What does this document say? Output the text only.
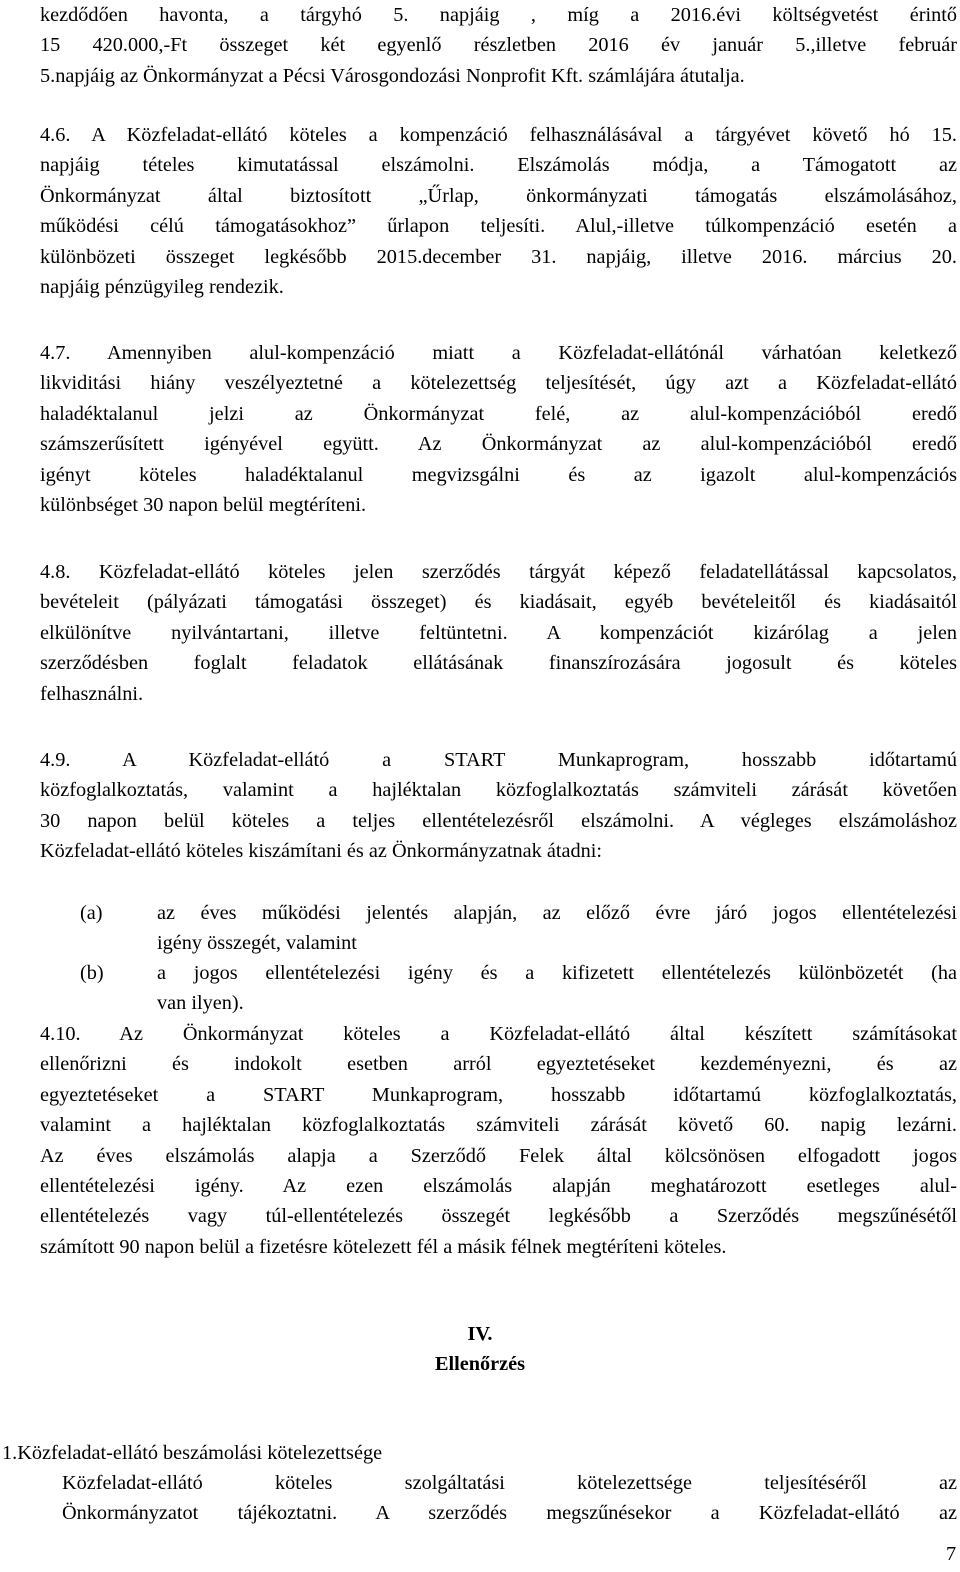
kezdődően havonta, a tárgyhó 5. napjáig , míg a 2016.évi költségvetést érintő
15 420.000,-Ft összeget két egyenlő részletben 2016 év január 5.,illetve február
5.napjáig az Önkormányzat a Pécsi Városgondozási Nonprofit Kft. számlájára átutalja.
4.6. A Közfeladat-ellátó köteles a kompenzáció felhasználásával a tárgyévet követő hó 15.
napjáig tételes kimutatással elszámolni. Elszámolás módja, a Támogatott az
Önkormányzat által biztosított „Űrlap, önkormányzati támogatás elszámolásához,
működési célú támogatásokhoz” űrlapon teljesíti. Alul,-illetve túlkompenzáció esetén a
különbözeti összeget legkésőbb 2015.december 31. napjáig, illetve 2016. március 20.
napjáig pénzügyileg rendezik.
4.7. Amennyiben alul-kompenzáció miatt a Közfeladat-ellátónál várhatóan keletkező
likviditási hiány veszélyeztetné a kötelezettség teljesítését, úgy azt a Közfeladat-ellátó
haladéktalanul jelzi az Önkormányzat felé, az alul-kompenzációból eredő
számszerűsített igényével együtt. Az Önkormányzat az alul-kompenzációból eredő
igényt köteles haladéktalanul megvizsgálni és az igazolt alul-kompenzációs
különbséget 30 napon belül megtéríteni.
4.8. Közfeladat-ellátó köteles jelen szerződés tárgyát képező feladatellátással kapcsolatos,
bevételeit (pályázati támogatási összeget) és kiadásait, egyéb bevételeitől és kiadásaitól
elkülönítve nyilvántartani, illetve feltüntetni. A kompenzációt kizárólag a jelen
szerződésben foglalt feladatok ellátásának finanszírozására jogosult és köteles
felhasználni.
4.9. A Közfeladat-ellátó a START Munkaprogram, hosszabb időtartamú
közfoglalkoztatás, valamint a hajléktalan közfoglalkoztatás számviteli zárását követően
30 napon belül köteles a teljes ellentételezésről elszámolni. A végleges elszámoláshoz
Közfeladat-ellátó köteles kiszámítani és az Önkormányzatnak átadni:
(a)	az éves működési jelentés alapján, az előző évre járó jogos ellentételezési
igény összegét, valamint
(b)	a jogos ellentételezési igény és a kifizetett ellentételezés különbözetét (ha
van ilyen).
4.10. Az Önkormányzat köteles a Közfeladat-ellátó által készített számításokat
ellenőrizni és indokolt esetben arról egyeztetéseket kezdeményezni, és az
egyeztetéseket a START Munkaprogram, hosszabb időtartamú közfoglalkoztatás,
valamint a hajléktalan közfoglalkoztatás számviteli zárását követő 60. napig lezárni.
Az éves elszámolás alapja a Szerződő Felek által kölcsönösen elfogadott jogos
ellentételezési igény. Az ezen elszámolás alapján meghatározott esetleges alul-
ellentételezés vagy túl-ellentételezés összegét legkésőbb a Szerződés megszűnésétől
számított 90 napon belül a fizetésre kötelezett fél a másik félnek megtéríteni köteles.
IV.
Ellenőrzés
1.Közfeladat-ellátó beszámolási kötelezettsége
Közfeladat-ellátó köteles szolgáltatási kötelezettsége teljesítéséről az
Önkormányzatot tájékoztatni. A szerződés megszűnésekor a Közfeladat-ellátó az
7
